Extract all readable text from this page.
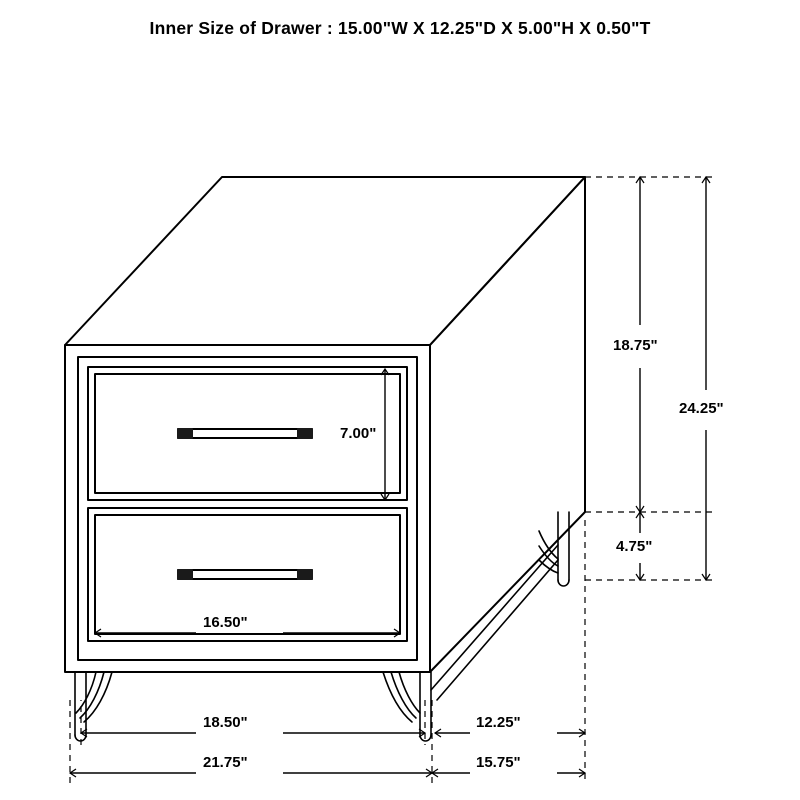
Inner Size of Drawer : 15.00"W X 12.25"D X 5.00"H X 0.50"T
7.00"
18.75"
24.25"
4.75"
16.50"
18.50"	12.25"
21.75"	15.75"
